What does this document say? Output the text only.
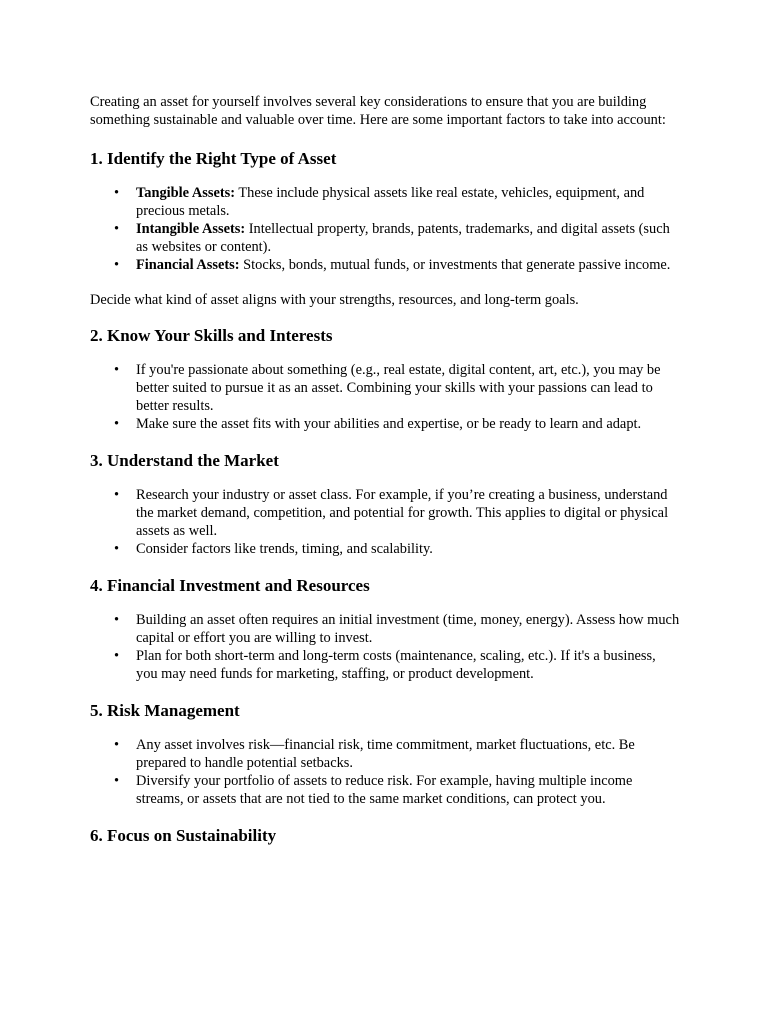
Creating an asset for yourself involves several key considerations to ensure that you are building something sustainable and valuable over time. Here are some important factors to take into account:

1. Identify the Right Type of Asset
• Tangible Assets: These include physical assets like real estate, vehicles, equipment, and precious metals.
• Intangible Assets: Intellectual property, brands, patents, trademarks, and digital assets (such as websites or content).
• Financial Assets: Stocks, bonds, mutual funds, or investments that generate passive income.

Decide what kind of asset aligns with your strengths, resources, and long-term goals.

2. Know Your Skills and Interests
• If you're passionate about something (e.g., real estate, digital content, art, etc.), you may be better suited to pursue it as an asset. Combining your skills with your passions can lead to better results.
• Make sure the asset fits with your abilities and expertise, or be ready to learn and adapt.
3. Understand the Market
• Research your industry or asset class. For example, if you’re creating a business, understand the market demand, competition, and potential for growth. This applies to digital or physical assets as well.
• Consider factors like trends, timing, and scalability.
4. Financial Investment and Resources
• Building an asset often requires an initial investment (time, money, energy). Assess how much capital or effort you are willing to invest.
• Plan for both short-term and long-term costs (maintenance, scaling, etc.). If it's a business, you may need funds for marketing, staffing, or product development.
5. Risk Management
• Any asset involves risk—financial risk, time commitment, market fluctuations, etc. Be prepared to handle potential setbacks.
• Diversify your portfolio of assets to reduce risk. For example, having multiple income streams, or assets that are not tied to the same market conditions, can protect you.
6. Focus on Sustainability
